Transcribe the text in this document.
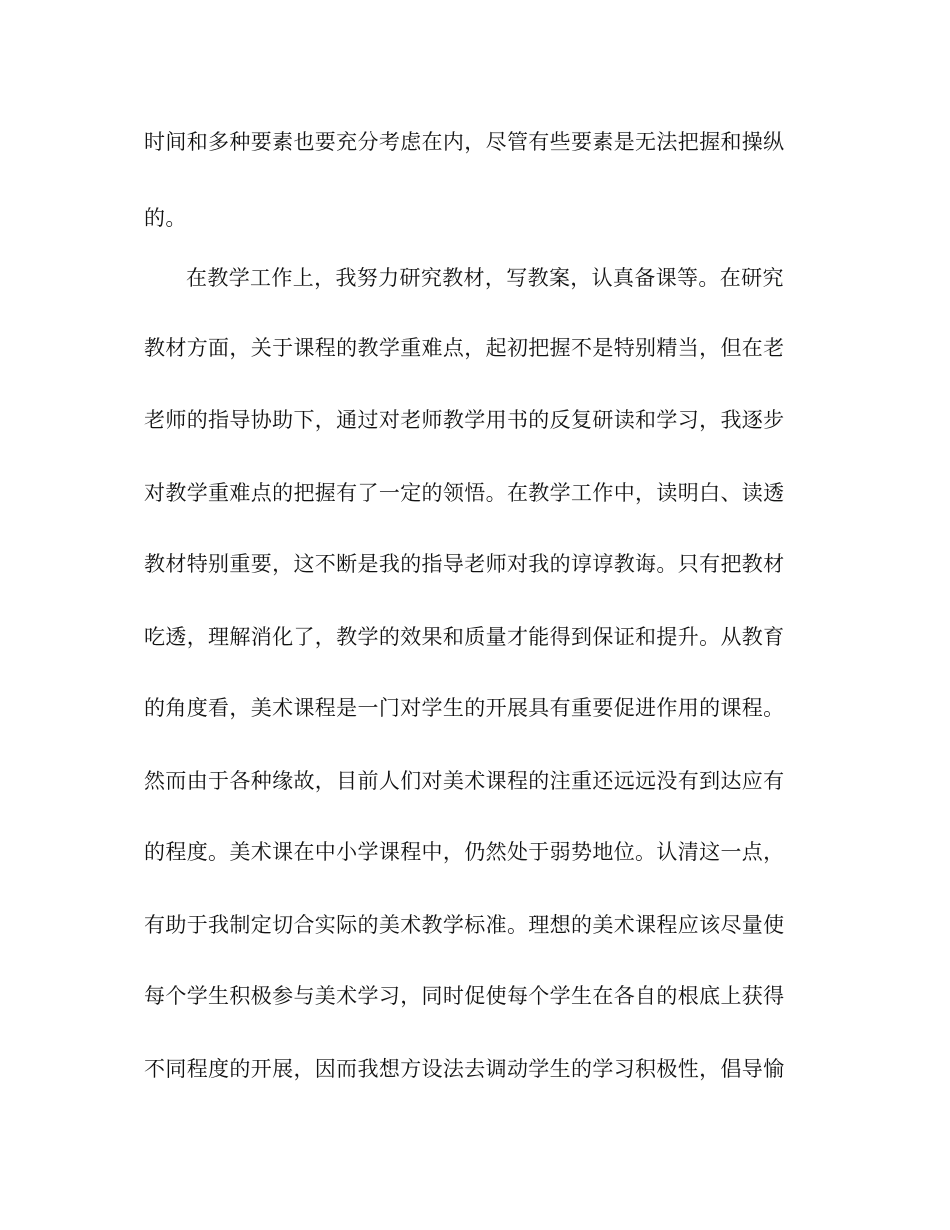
时间和多种要素也要充分考虑在内，尽管有些要素是无法把握和操纵
的。
在教学工作上，我努力研究教材，写教案，认真备课等。在研究
教材方面，关于课程的教学重难点，起初把握不是特别精当，但在老
老师的指导协助下，通过对老师教学用书的反复研读和学习，我逐步
对教学重难点的把握有了一定的领悟。在教学工作中，读明白、读透
教材特别重要，这不断是我的指导老师对我的谆谆教诲。只有把教材
吃透，理解消化了，教学的效果和质量才能得到保证和提升。从教育
的角度看，美术课程是一门对学生的开展具有重要促进作用的课程。
然而由于各种缘故，目前人们对美术课程的注重还远远没有到达应有
的程度。美术课在中小学课程中，仍然处于弱势地位。认清这一点，
有助于我制定切合实际的美术教学标准。理想的美术课程应该尽量使
每个学生积极参与美术学习，同时促使每个学生在各自的根底上获得
不同程度的开展，因而我想方设法去调动学生的学习积极性，倡导愉
